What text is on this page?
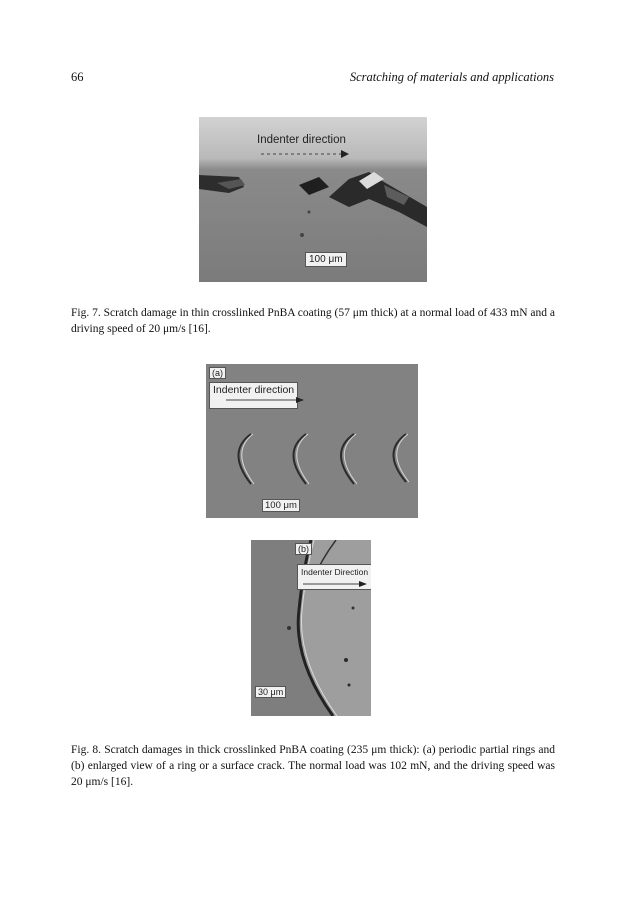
66	Scratching of materials and applications
Indenter direction
100 μm
Fig. 7. Scratch damage in thin crosslinked PnBA coating (57 μm thick) at a normal load of 433 mN and a driving speed of 20 μm/s [16].
(a)
Indenter direction
100 μm
(b)
Indenter Direction
30 μm
Fig. 8. Scratch damages in thick crosslinked PnBA coating (235 μm thick): (a) periodic partial rings and (b) enlarged view of a ring or a surface crack. The normal load was 102 mN, and the driving speed was 20 μm/s [16].
